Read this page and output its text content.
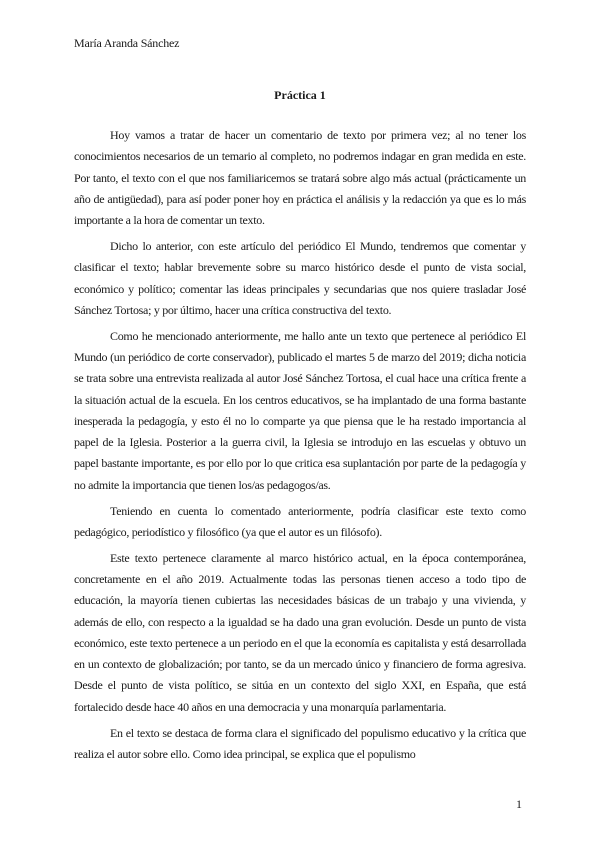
María Aranda Sánchez
Práctica 1

Hoy vamos a tratar de hacer un comentario de texto por primera vez; al no tener los conocimientos necesarios de un temario al completo, no podremos indagar en gran medida en este. Por tanto, el texto con el que nos familiaricemos se tratará sobre algo más actual (prácticamente un año de antigüedad), para así poder poner hoy en práctica el análisis y la redacción ya que es lo más importante a la hora de comentar un texto.

Dicho lo anterior, con este artículo del periódico El Mundo, tendremos que comentar y clasificar el texto; hablar brevemente sobre su marco histórico desde el punto de vista social, económico y político; comentar las ideas principales y secundarias que nos quiere trasladar José Sánchez Tortosa; y por último, hacer una crítica constructiva del texto.

Como he mencionado anteriormente, me hallo ante un texto que pertenece al periódico El Mundo (un periódico de corte conservador), publicado el martes 5 de marzo del 2019; dicha noticia se trata sobre una entrevista realizada al autor José Sánchez Tortosa, el cual hace una crítica frente a la situación actual de la escuela. En los centros educativos, se ha implantado de una forma bastante inesperada la pedagogía, y esto él no lo comparte ya que piensa que le ha restado importancia al papel de la Iglesia. Posterior a la guerra civil, la Iglesia se introdujo en las escuelas y obtuvo un papel bastante importante, es por ello por lo que critica esa suplantación por parte de la pedagogía y no admite la importancia que tienen los/as pedagogos/as.

Teniendo en cuenta lo comentado anteriormente, podría clasificar este texto como pedagógico, periodístico y filosófico (ya que el autor es un filósofo).

Este texto pertenece claramente al marco histórico actual, en la época contemporánea, concretamente en el año 2019. Actualmente todas las personas tienen acceso a todo tipo de educación, la mayoría tienen cubiertas las necesidades básicas de un trabajo y una vivienda, y además de ello, con respecto a la igualdad se ha dado una gran evolución. Desde un punto de vista económico, este texto pertenece a un periodo en el que la economía es capitalista y está desarrollada en un contexto de globalización; por tanto, se da un mercado único y financiero de forma agresiva. Desde el punto de vista político, se sitúa en un contexto del siglo XXI, en España, que está fortalecido desde hace 40 años en una democracia y una monarquía parlamentaria.

En el texto se destaca de forma clara el significado del populismo educativo y la crítica que realiza el autor sobre ello. Como idea principal, se explica que el populismo

1
